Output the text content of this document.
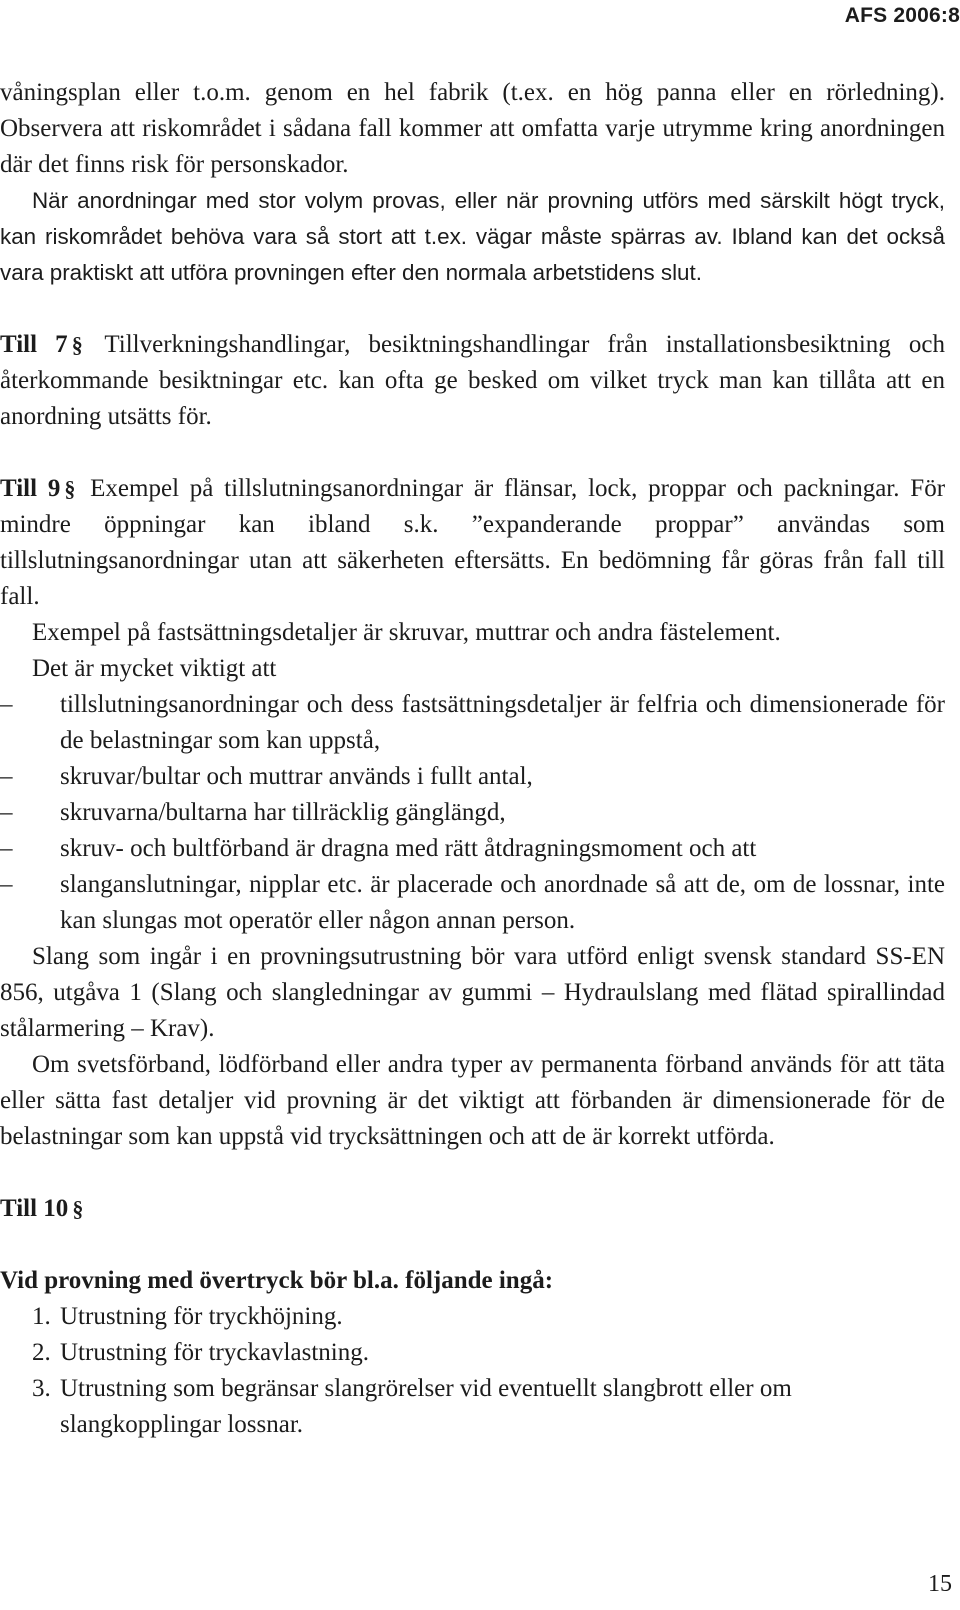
AFS 2006:8

våningsplan eller t.o.m. genom en hel fabrik (t.ex. en hög panna eller en rörledning). Observera att riskområdet i sådana fall kommer att omfatta varje utrymme kring anordningen där det finns risk för personskador.

När anordningar med stor volym provas, eller när provning utförs med särskilt högt tryck, kan riskområdet behöva vara så stort att t.ex. vägar måste spärras av. Ibland kan det också vara praktiskt att utföra provningen efter den normala arbetstidens slut.

Till 7 § Tillverkningshandlingar, besiktningshandlingar från installationsbesiktning och återkommande besiktningar etc. kan ofta ge besked om vilket tryck man kan tillåta att en anordning utsätts för.

Till 9 § Exempel på tillslutningsanordningar är flänsar, lock, proppar och packningar. För mindre öppningar kan ibland s.k. ”expanderande proppar” användas som tillslutningsanordningar utan att säkerheten eftersätts. En bedömning får göras från fall till fall.

Exempel på fastsättningsdetaljer är skruvar, muttrar och andra fästelement.

Det är mycket viktigt att

–	tillslutningsanordningar och dess fastsättningsdetaljer är felfria och dimensionerade för de belastningar som kan uppstå,
–	skruvar/bultar och muttrar används i fullt antal,
–	skruvarna/bultarna har tillräcklig gänglängd,
–	skruv- och bultförband är dragna med rätt åtdragningsmoment och att
–	slanganslutningar, nipplar etc. är placerade och anordnade så att de, om de lossnar, inte kan slungas mot operatör eller någon annan person.

Slang som ingår i en provningsutrustning bör vara utförd enligt svensk standard SS-EN 856, utgåva 1 (Slang och slangledningar av gummi – Hydraulslang med flätad spirallindad stålarmering – Krav).

Om svetsförband, lödförband eller andra typer av permanenta förband används för att täta eller sätta fast detaljer vid provning är det viktigt att förbanden är dimensionerade för de belastningar som kan uppstå vid trycksättningen och att de är korrekt utförda.

Till 10 §

Vid provning med övertryck bör bl.a. följande ingå:

1. Utrustning för tryckhöjning.
2. Utrustning för tryckavlastning.
3. Utrustning som begränsar slangrörelser vid eventuellt slangbrott eller om slangkopplingar lossnar.
15
